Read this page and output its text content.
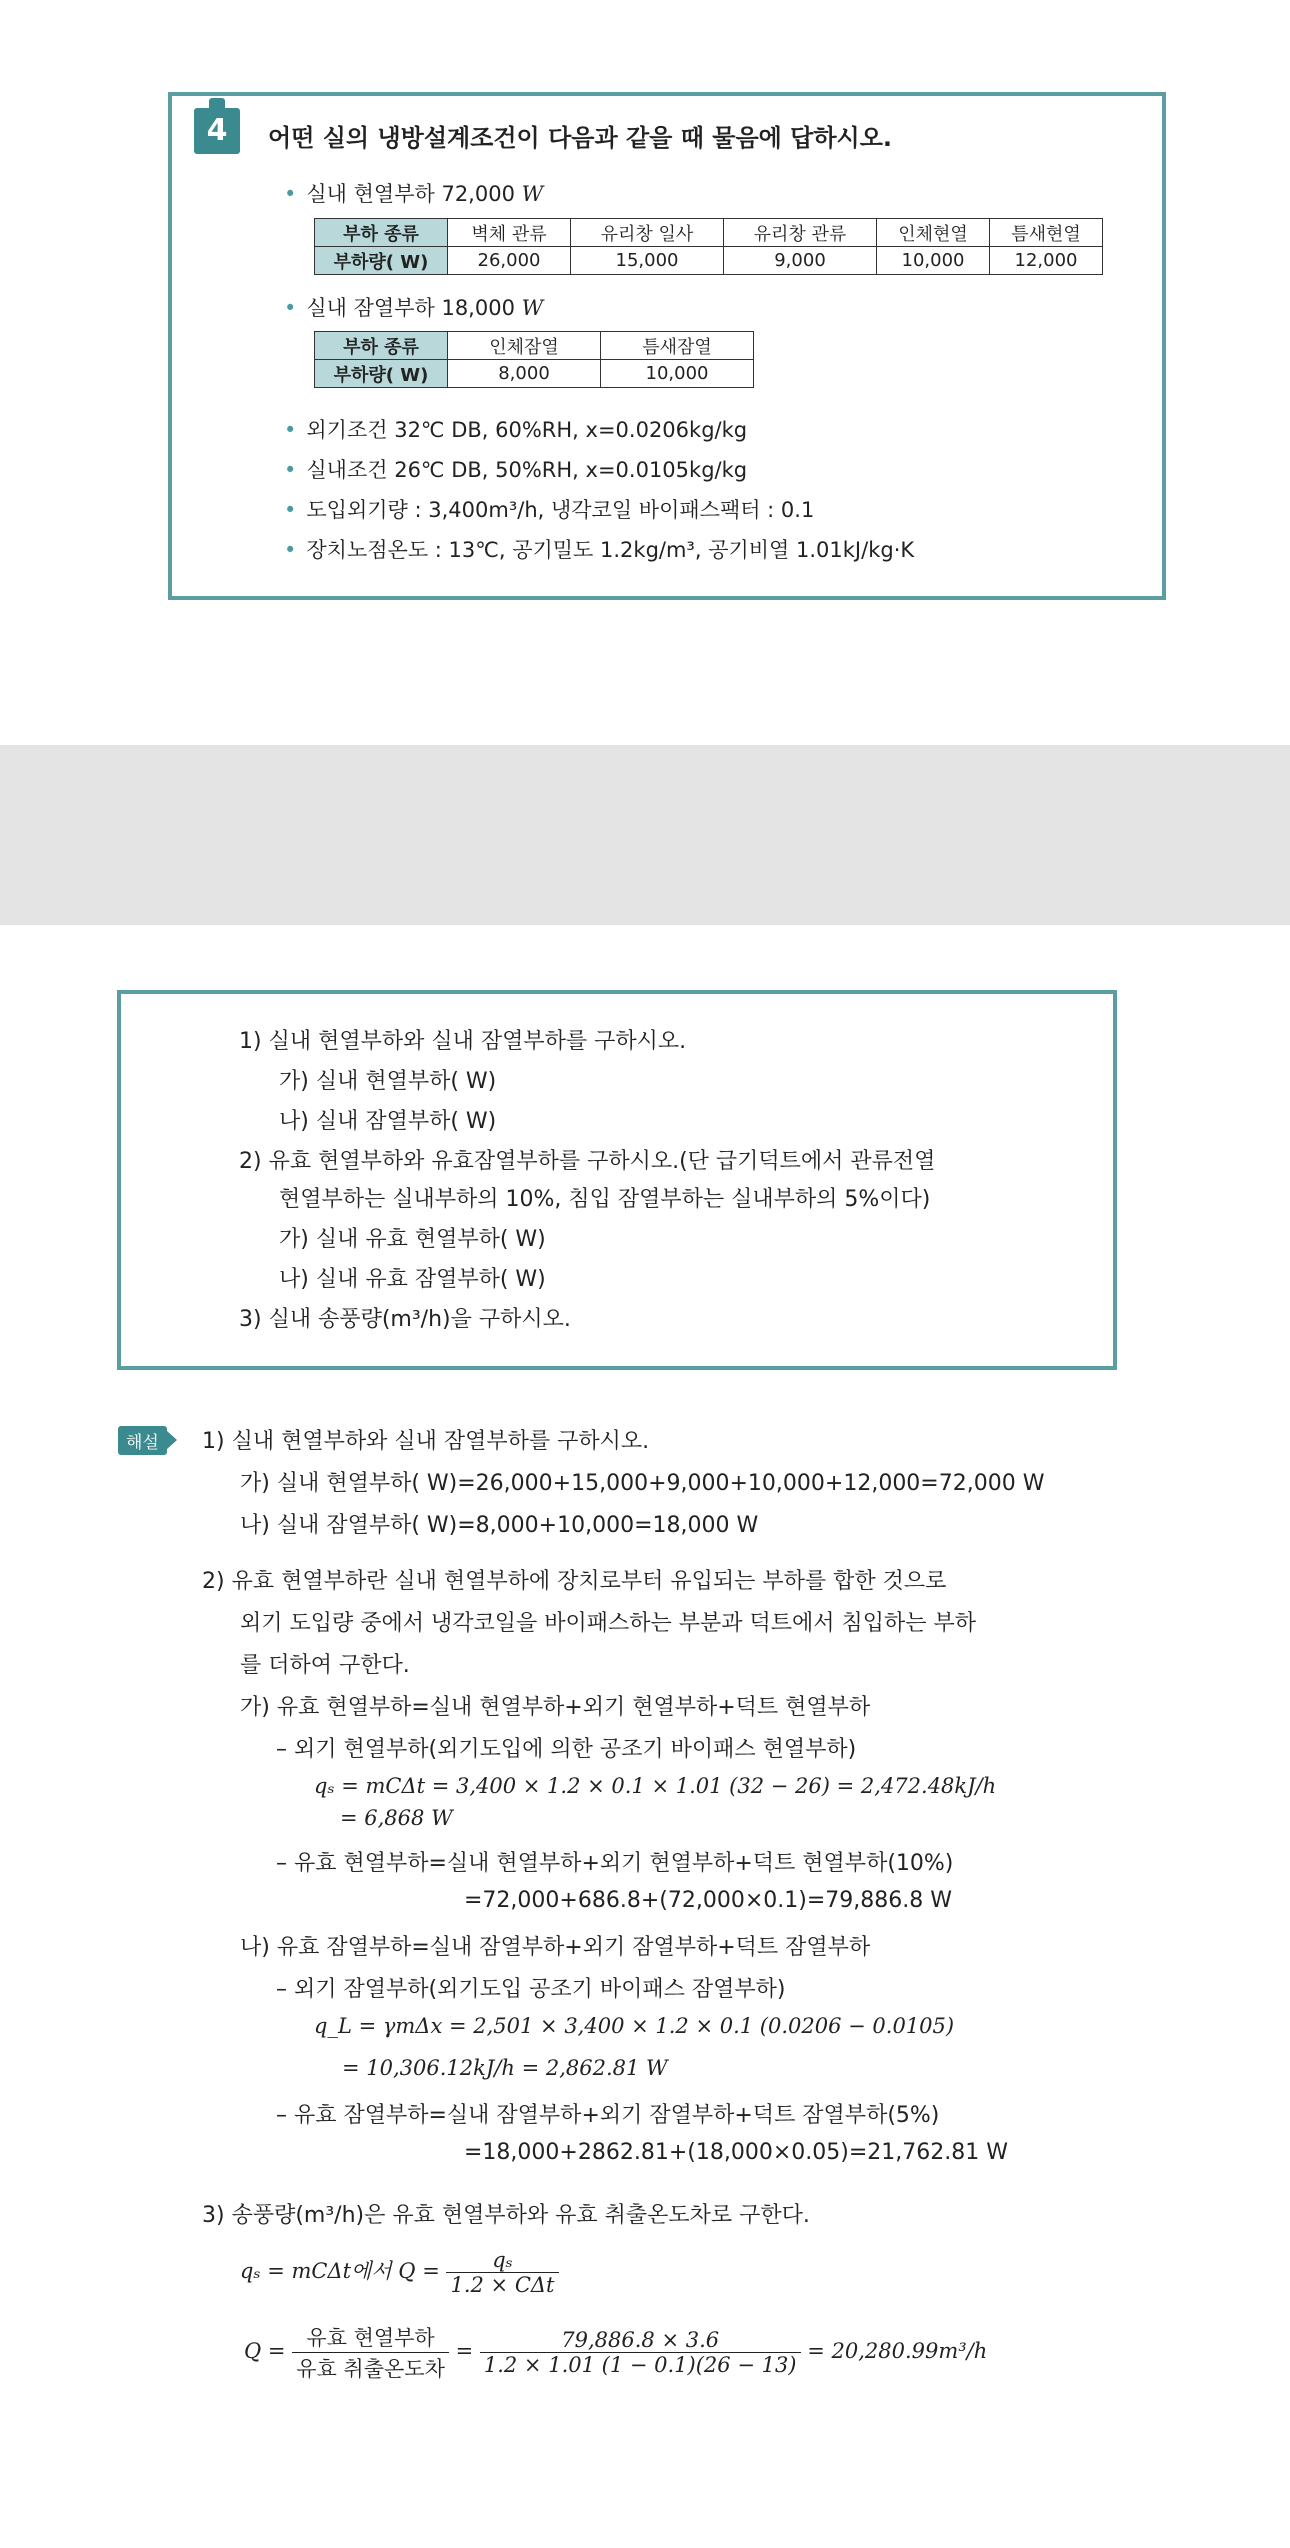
4	어떤 실의 냉방설계조건이 다음과 같을 때 물음에 답하시오.
• 실내 현열부하 72,000 W
부하 종류	벽체 관류	유리창 일사	유리창 관류	인체현열	틈새현열
부하량( W)	26,000	15,000	9,000	10,000	12,000
• 실내 잠열부하 18,000 W
부하 종류	인체잠열	틈새잠열
부하량( W)	8,000	10,000
• 외기조건 32℃ DB, 60%RH, x=0.0206kg/kg
• 실내조건 26℃ DB, 50%RH, x=0.0105kg/kg
• 도입외기량 : 3,400m³/h, 냉각코일 바이패스팩터 : 0.1
• 장치노점온도 : 13℃, 공기밀도 1.2kg/m³, 공기비열 1.01kJ/kg·K
1) 실내 현열부하와 실내 잠열부하를 구하시오.
가) 실내 현열부하( W)
나) 실내 잠열부하( W)
2) 유효 현열부하와 유효잠열부하를 구하시오.(단 급기덕트에서 관류전열
현열부하는 실내부하의 10%, 침입 잠열부하는 실내부하의 5%이다)
가) 실내 유효 현열부하( W)
나) 실내 유효 잠열부하( W)
3) 실내 송풍량(m³/h)을 구하시오.
해설	1) 실내 현열부하와 실내 잠열부하를 구하시오.
가) 실내 현열부하( W)=26,000+15,000+9,000+10,000+12,000=72,000 W
나) 실내 잠열부하( W)=8,000+10,000=18,000 W
2) 유효 현열부하란 실내 현열부하에 장치로부터 유입되는 부하를 합한 것으로
외기 도입량 중에서 냉각코일을 바이패스하는 부분과 덕트에서 침입하는 부하
를 더하여 구한다.
가) 유효 현열부하=실내 현열부하+외기 현열부하+덕트 현열부하
– 외기 현열부하(외기도입에 의한 공조기 바이패스 현열부하)
qₛ = mCΔt = 3,400 × 1.2 × 0.1 × 1.01 (32 − 26) = 2,472.48kJ/h
= 6,868 W
– 유효 현열부하=실내 현열부하+외기 현열부하+덕트 현열부하(10%)
=72,000+686.8+(72,000×0.1)=79,886.8 W
나) 유효 잠열부하=실내 잠열부하+외기 잠열부하+덕트 잠열부하
– 외기 잠열부하(외기도입 공조기 바이패스 잠열부하)
q_L = γmΔx = 2,501 × 3,400 × 1.2 × 0.1 (0.0206 − 0.0105)
= 10,306.12kJ/h = 2,862.81 W
– 유효 잠열부하=실내 잠열부하+외기 잠열부하+덕트 잠열부하(5%)
=18,000+2862.81+(18,000×0.05)=21,762.81 W
3) 송풍량(m³/h)은 유효 현열부하와 유효 취출온도차로 구한다.
qₛ = mCΔt에서 $Q = \frac{\text{qₛ}}{\text{1.2 × CΔt}}$
$Q = \frac{\text{유효 현열부하}}{\text{유효 취출온도차}} = \frac{79,886.8 \times 3.6}{1.2 \times 1.01 (1 - 0.1)(26 - 13)} = 20,280.99m^3/h$
